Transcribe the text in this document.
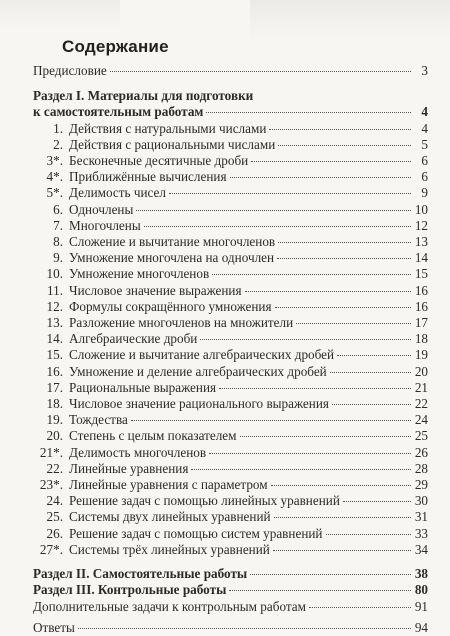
Содержание
Предисловие	3
Раздел I. Материалы для подготовки
к самостоятельным работам	4
1. Действия с натуральными числами	4
2. Действия с рациональными числами	5
3*. Бесконечные десятичные дроби	6
4*. Приближённые вычисления	6
5*. Делимость чисел	9
6. Одночлены	10
7. Многочлены	12
8. Сложение и вычитание многочленов	13
9. Умножение многочлена на одночлен	14
10. Умножение многочленов	15
11. Числовое значение выражения	16
12. Формулы сокращённого умножения	16
13. Разложение многочленов на множители	17
14. Алгебраические дроби	18
15. Сложение и вычитание алгебраических дробей	19
16. Умножение и деление алгебраических дробей	20
17. Рациональные выражения	21
18. Числовое значение рационального выражения	22
19. Тождества	24
20. Степень с целым показателем	25
21*. Делимость многочленов	26
22. Линейные уравнения	28
23*. Линейные уравнения с параметром	29
24. Решение задач с помощью линейных уравнений	30
25. Системы двух линейных уравнений	31
26. Решение задач с помощью систем уравнений	33
27*. Системы трёх линейных уравнений	34
Раздел II. Самостоятельные работы	38
Раздел III. Контрольные работы	80
Дополнительные задачи к контрольным работам	91
Ответы	94
